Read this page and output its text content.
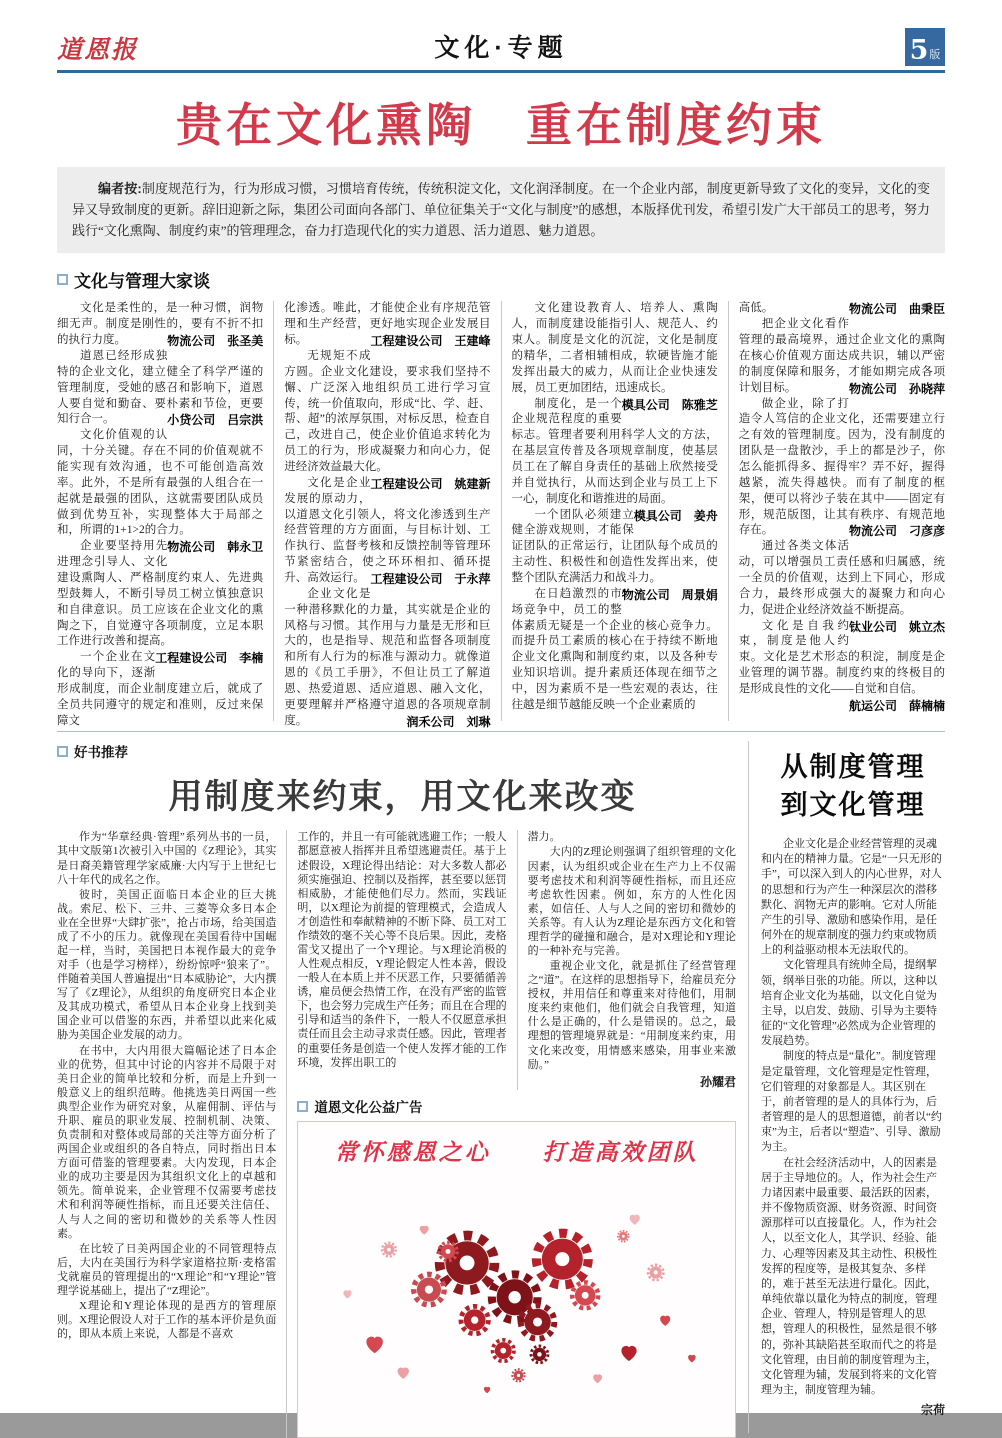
道恩报	文化·专题	5 版
贵在文化熏陶　重在制度约束

编者按:制度规范行为，行为形成习惯，习惯培育传统，传统积淀文化，文化润泽制度。在一个企业内部，制度更新导致了文化的变异，文化的变异又导致制度的更新。辞旧迎新之际，集团公司面向各部门、单位征集关于“文化与制度”的感想，本版择优刊发，希望引发广大干部员工的思考，努力践行“文化熏陶、制度约束”的管理理念，奋力打造现代化的实力道恩、活力道恩、魅力道恩。

文化与管理大家谈

文化是柔性的，是一种习惯，润物细无声。制度是刚性的，要有不折不扣的执行力度。	物流公司　张圣美

道恩已经形成独特的企业文化，建立健全了科学严谨的管理制度，受她的感召和影响下，道恩人要自觉和勤奋、要朴素和节俭，更要知行合一。	小贷公司　吕宗洪

文化价值观的认同，十分关键。存在不同的价值观就不能实现有效沟通，也不可能创造高效率。此外，不是所有最强的人组合在一起就是最强的团队，这就需要团队成员做到优势互补，实现整体大于局部之和，所谓的1+1>2的合力。
物流公司　韩永卫

企业要坚持用先进理念引导人、文化建设熏陶人、严格制度约束人、先进典型鼓舞人，不断引导员工树立慎独意识和自律意识。员工应该在企业文化的熏陶之下，自觉遵守各项制度，立足本职工作进行改善和提高。
工程建设公司　李楠

一个企业在文化的导向下，逐渐形成制度，而企业制度建立后，就成了全员共同遵守的规定和准则，反过来保障文

化渗透。唯此，才能使企业有序规范管理和生产经营，更好地实现企业发展目标。	工程建设公司　王建峰

无规矩不成方圆。企业文化建设，要求我们坚持不懈、广泛深入地组织员工进行学习宣传，统一价值取向，形成“比、学、赶、帮、超”的浓厚氛围，对标反思，检查自己，改进自己，使企业价值追求转化为员工的行为，形成凝聚力和向心力，促进经济效益最大化。
工程建设公司　姚建新

文化是企业发展的原动力，以道恩文化引领人，将文化渗透到生产经营管理的方方面面，与目标计划、工作执行、监督考核和反馈控制等管理环节紧密结合，使之环环相扣、循环提升、高效运行。 工程建设公司　于永萍

企业文化是一种潜移默化的力量，其实就是企业的风格与习惯。其作用与力量是无形和巨大的，也是指导、规范和监督各项制度和所有人行为的标准与源动力。就像道恩的《员工手册》，不但让员工了解道恩、热爱道恩、适应道恩、融入文化，更要理解并严格遵守道恩的各项规章制度。	润禾公司　刘琳

文化建设教育人、培养人、熏陶人，而制度建设能指引人、规范人、约束人。制度是文化的沉淀，文化是制度的精华，二者相辅相成，软硬皆施才能发挥出最大的威力，从而让企业快速发展，员工更加团结，迅速成长。
模具公司　陈雅芝

制度化，是一个企业规范程度的重要标志。管理者要利用科学人文的方法，在基层宣传普及各项规章制度，使基层员工在了解自身责任的基础上欣然接受并自觉执行，从而达到企业与员工上下一心，制度化和谐推进的局面。
模具公司　姜舟

一个团队必须建立健全游戏规则，才能保证团队的正常运行，让团队每个成员的主动性、积极性和创造性发挥出来，使整个团队充满活力和战斗力。
物流公司　周景娟

在日趋激烈的市场竞争中，员工的整体素质无疑是一个企业的核心竞争力。而提升员工素质的核心在于持续不断地企业文化熏陶和制度约束，以及各种专业知识培训。提升素质还体现在细节之中，因为素质不是一些宏观的表达，往往越是细节越能反映一个企业素质的

高低。	物流公司　曲秉臣

把企业文化看作管理的最高境界，通过企业文化的熏陶在核心价值观方面达成共识，辅以严密的制度保障和服务，才能如期完成各项计划目标。	物流公司　孙晓萍

做企业，除了打造令人笃信的企业文化，还需要建立行之有效的管理制度。因为，没有制度的团队是一盘散沙，手上的都是沙子，你怎么能抓得多、握得牢？弄不好，握得越紧，流失得越快。而有了制度的框架，便可以将沙子装在其中——固定有形，规范版图，让其有秩序、有规范地存在。	物流公司　刁彦彦

通过各类文体活动，可以增强员工责任感和归属感，统一全员的价值观，达到上下同心，形成合力，最终形成强大的凝聚力和向心力，促进企业经济效益不断提高。
钛业公司　姚立杰

文化是自我约束，制度是他人约束。文化是艺术形态的积淀，制度是企业管理的调节器。制度约束的终极目的是形成良性的文化——自觉和自信。
航运公司　薛楠楠

好书推荐
用制度来约束，用文化来改变

作为“华章经典·管理”系列丛书的一员，其中文版第1次被引入中国的《Z理论》，其实是日裔美籍管理学家威廉·大内写于上世纪七八十年代的成名之作。

彼时，美国正面临日本企业的巨大挑战。索尼、松下、三井、三菱等众多日本企业在全世界“大肆扩张”，抢占市场，给美国造成了不小的压力。就像现在美国看待中国崛起一样，当时，美国把日本视作最大的竞争对手（也是学习榜样），纷纷惊呼“狼来了”。伴随着美国人普遍提出“日本威胁论”，大内撰写了《Z理论》，从组织的角度研究日本企业及其成功模式，希望从日本企业身上找到美国企业可以借鉴的东西，并希望以此来化威胁为美国企业发展的动力。

在书中，大内用很大篇幅论述了日本企业的优势，但其中讨论的内容并不局限于对美日企业的简单比较和分析，而是上升到一般意义上的组织范畴。他挑选美日两国一些典型企业作为研究对象，从雇佣制、评估与升职、雇员的职业发展、控制机制、决策、负责制和对整体或局部的关注等方面分析了两国企业或组织的各自特点，同时指出日本方面可借鉴的管理要素。大内发现，日本企业的成功主要是因为其组织文化上的卓越和领先。简单说来，企业管理不仅需要考虑技术和利润等硬性指标，而且还要关注信任、人与人之间的密切和微妙的关系等人性因素。

在比较了日美两国企业的不同管理特点后，大内在美国行为科学家道格拉斯·麦格雷戈就雇员的管理提出的“X理论”和“Y理论”管理学说基础上，提出了“Z理论”。

X理论和Y理论体现的是西方的管理原则。X理论假设人对于工作的基本评价是负面的，即从本质上来说，人都是不喜欢

工作的，并且一有可能就逃避工作；一般人都愿意被人指挥并且希望逃避责任。基于上述假设，X理论得出结论：对大多数人都必须实施强迫、控制以及指挥，甚至要以惩罚相威胁，才能使他们尽力。然而，实践证明，以X理论为前提的管理模式，会造成人才创造性和奉献精神的不断下降、员工对工作绩效的毫不关心等不良后果。因此，麦格雷戈又提出了一个Y理论。与X理论消极的人性观点相反，Y理论假定人性本善，假设一般人在本质上并不厌恶工作，只要循循善诱，雇员便会热情工作，在没有严密的监管下，也会努力完成生产任务；而且在合理的引导和适当的条件下，一般人不仅愿意承担责任而且会主动寻求责任感。因此，管理者的重要任务是创造一个使人发挥才能的工作环境，发挥出职工的

潜力。

大内的Z理论则强调了组织管理的文化因素，认为组织或企业在生产力上不仅需要考虑技术和利润等硬性指标，而且还应考虑软性因素。例如，东方的人性化因素，如信任、人与人之间的密切和微妙的关系等。有人认为Z理论是东西方文化和管理哲学的碰撞和融合，是对X理论和Y理论的一种补充与完善。

重视企业文化，就是抓住了经营管理之“道”。在这样的思想指导下，给雇员充分授权，并用信任和尊重来对待他们，用制度来约束他们，他们就会自我管理，知道什么是正确的，什么是错误的。总之，最理想的管理境界就是：“用制度来约束，用文化来改变，用情感来感染，用事业来激励。”

孙耀君
道恩文化公益广告
常怀感恩之心　　打造高效团队
从制度管理
到文化管理

企业文化是企业经营管理的灵魂和内在的精神力量。它是“一只无形的手”，可以深入到人的内心世界，对人的思想和行为产生一种深层次的潜移默化、润物无声的影响。它对人所能产生的引导、激励和感染作用，是任何外在的规章制度的强力约束或物质上的利益驱动根本无法取代的。

文化管理具有统帅全局，提纲挈领，纲举目张的功能。所以，这种以培育企业文化为基础，以文化自觉为主导，以启发、鼓励、引导为主要特征的“文化管理”必然成为企业管理的发展趋势。

制度的特点是“量化”。制度管理是定量管理，文化管理是定性管理，它们管理的对象都是人。其区别在于，前者管理的是人的具体行为，后者管理的是人的思想道德，前者以“约束”为主，后者以“塑造”、引导、激励为主。

在社会经济活动中，人的因素是居于主导地位的。人，作为社会生产力诸因素中最重要、最活跃的因素，并不像物质资源、财务资源、时间资源那样可以直接量化。人，作为社会人，以至文化人，其学识、经验、能力、心理等因素及其主动性、积极性发挥的程度等，是极其复杂、多样的，难于甚至无法进行量化。因此，单纯依靠以量化为特点的制度，管理企业、管理人，特别是管理人的思想，管理人的积极性，显然是很不够的，弥补其缺陷甚至取而代之的将是文化管理，由目前的制度管理为主，文化管理为辅，发展到将来的文化管理为主，制度管理为辅。

宗荷
